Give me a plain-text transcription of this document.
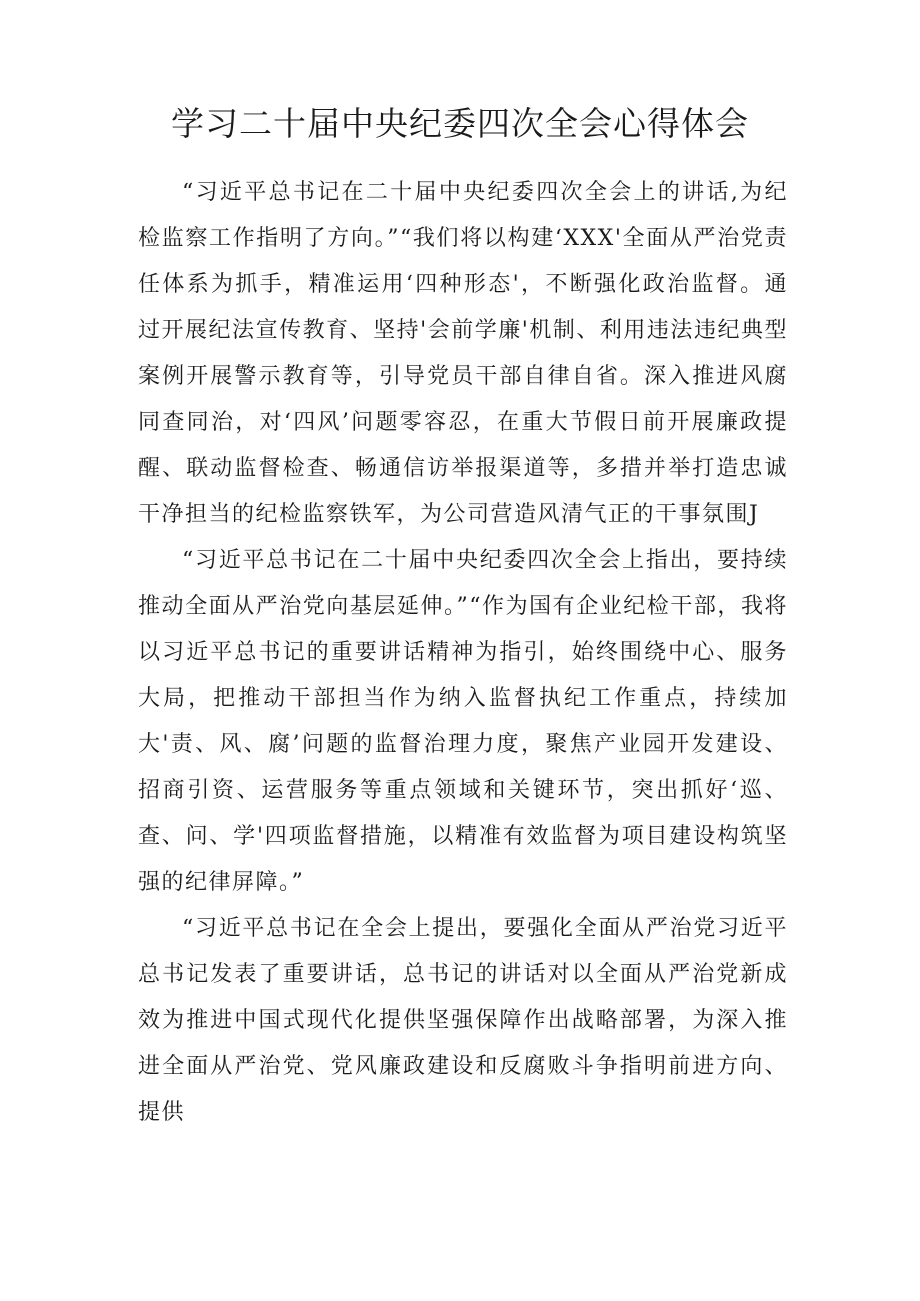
学习二十届中央纪委四次全会心得体会

“习近平总书记在二十届中央纪委四次全会上的讲话,为纪检监察工作指明了方向。”“我们将以构建‘XXX'全面从严治党责任体系为抓手，精准运用‘四种形态'，不断强化政治监督。通过开展纪法宣传教育、坚持'会前学廉'机制、利用违法违纪典型案例开展警示教育等，引导党员干部自律自省。深入推进风腐同查同治，对‘四风’问题零容忍，在重大节假日前开展廉政提醒、联动监督检查、畅通信访举报渠道等，多措并举打造忠诚干净担当的纪检监察铁军，为公司营造风清气正的干事氛围J

“习近平总书记在二十届中央纪委四次全会上指出，要持续推动全面从严治党向基层延伸。”“作为国有企业纪检干部，我将以习近平总书记的重要讲话精神为指引，始终围绕中心、服务大局，把推动干部担当作为纳入监督执纪工作重点，持续加大'责、风、腐’问题的监督治理力度，聚焦产业园开发建设、招商引资、运营服务等重点领域和关键环节，突出抓好‘巡、查、问、学'四项监督措施，以精准有效监督为项目建设构筑坚强的纪律屏障。”

“习近平总书记在全会上提出，要强化全面从严治党习近平总书记发表了重要讲话，总书记的讲话对以全面从严治党新成效为推进中国式现代化提供坚强保障作出战略部署，为深入推进全面从严治党、党风廉政建设和反腐败斗争指明前进方向、提供
